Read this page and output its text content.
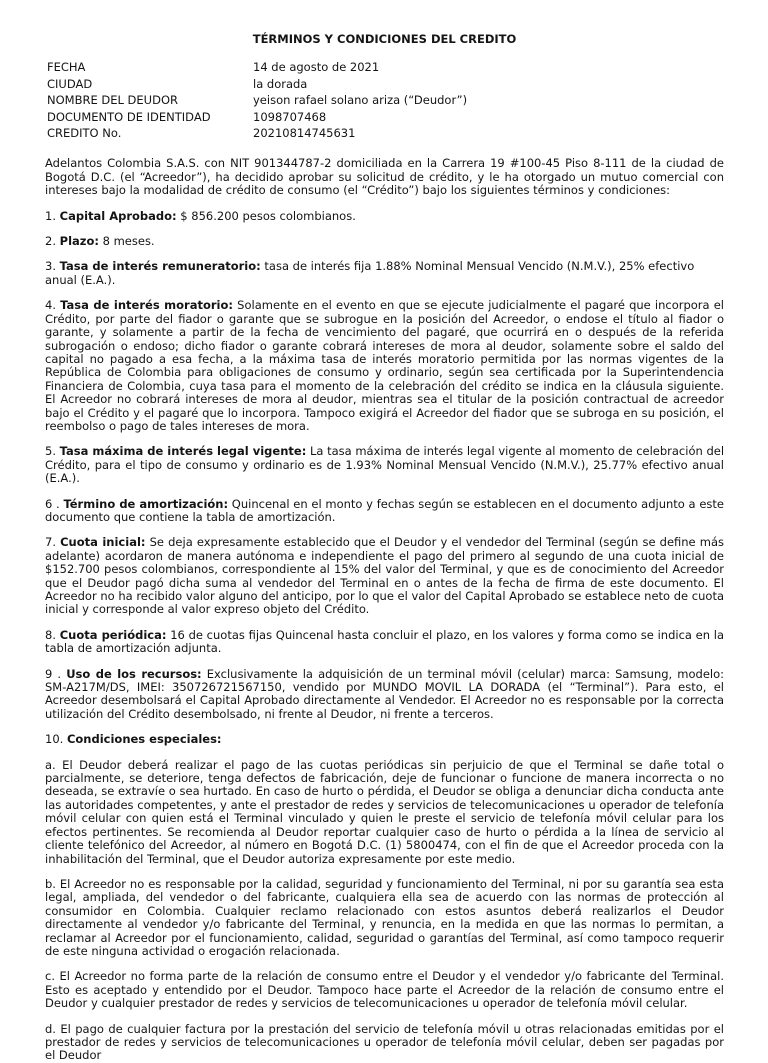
TÉRMINOS Y CONDICIONES DEL CREDITO
FECHA	14 de agosto de 2021
CIUDAD	la dorada
NOMBRE DEL DEUDOR	yeison rafael solano ariza (“Deudor”)
DOCUMENTO DE IDENTIDAD	1098707468
CREDITO No.	20210814745631

Adelantos Colombia S.A.S. con NIT 901344787-2 domiciliada en la Carrera 19 #100-45 Piso 8-111 de la ciudad de Bogotá D.C. (el “Acreedor”), ha decidido aprobar su solicitud de crédito, y le ha otorgado un mutuo comercial con intereses bajo la modalidad de crédito de consumo (el “Crédito”) bajo los siguientes términos y condiciones:

1. Capital Aprobado: $ 856.200 pesos colombianos.

2. Plazo: 8 meses.

3. Tasa de interés remuneratorio: tasa de interés fija 1.88% Nominal Mensual Vencido (N.M.V.), 25% efectivo anual (E.A.).

4. Tasa de interés moratorio: Solamente en el evento en que se ejecute judicialmente el pagaré que incorpora el Crédito, por parte del fiador o garante que se subrogue en la posición del Acreedor, o endose el título al fiador o garante, y solamente a partir de la fecha de vencimiento del pagaré, que ocurrirá en o después de la referida subrogación o endoso; dicho fiador o garante cobrará intereses de mora al deudor, solamente sobre el saldo del capital no pagado a esa fecha, a la máxima tasa de interés moratorio permitida por las normas vigentes de la República de Colombia para obligaciones de consumo y ordinario, según sea certificada por la Superintendencia Financiera de Colombia, cuya tasa para el momento de la celebración del crédito se indica en la cláusula siguiente. El Acreedor no cobrará intereses de mora al deudor, mientras sea el titular de la posición contractual de acreedor bajo el Crédito y el pagaré que lo incorpora. Tampoco exigirá el Acreedor del fiador que se subroga en su posición, el reembolso o pago de tales intereses de mora.

5. Tasa máxima de interés legal vigente: La tasa máxima de interés legal vigente al momento de celebración del Crédito, para el tipo de consumo y ordinario es de 1.93% Nominal Mensual Vencido (N.M.V.), 25.77% efectivo anual (E.A.).

6 . Término de amortización: Quincenal en el monto y fechas según se establecen en el documento adjunto a este documento que contiene la tabla de amortización.

7. Cuota inicial: Se deja expresamente establecido que el Deudor y el vendedor del Terminal (según se define más adelante) acordaron de manera autónoma e independiente el pago del primero al segundo de una cuota inicial de $152.700 pesos colombianos, correspondiente al 15% del valor del Terminal, y que es de conocimiento del Acreedor que el Deudor pagó dicha suma al vendedor del Terminal en o antes de la fecha de firma de este documento. El Acreedor no ha recibido valor alguno del anticipo, por lo que el valor del Capital Aprobado se establece neto de cuota inicial y corresponde al valor expreso objeto del Crédito.

8. Cuota periódica: 16 de cuotas fijas Quincenal hasta concluir el plazo, en los valores y forma como se indica en la tabla de amortización adjunta.

9 . Uso de los recursos: Exclusivamente la adquisición de un terminal móvil (celular) marca: Samsung, modelo: SM-A217M/DS, IMEI: 350726721567150, vendido por MUNDO MOVIL LA DORADA (el “Terminal”). Para esto, el Acreedor desembolsará el Capital Aprobado directamente al Vendedor. El Acreedor no es responsable por la correcta utilización del Crédito desembolsado, ni frente al Deudor, ni frente a terceros.

10. Condiciones especiales:

a. El Deudor deberá realizar el pago de las cuotas periódicas sin perjuicio de que el Terminal se dañe total o parcialmente, se deteriore, tenga defectos de fabricación, deje de funcionar o funcione de manera incorrecta o no deseada, se extravíe o sea hurtado. En caso de hurto o pérdida, el Deudor se obliga a denunciar dicha conducta ante las autoridades competentes, y ante el prestador de redes y servicios de telecomunicaciones u operador de telefonía móvil celular con quien está el Terminal vinculado y quien le preste el servicio de telefonía móvil celular para los efectos pertinentes. Se recomienda al Deudor reportar cualquier caso de hurto o pérdida a la línea de servicio al cliente telefónico del Acreedor, al número en Bogotá D.C. (1) 5800474, con el fin de que el Acreedor proceda con la inhabilitación del Terminal, que el Deudor autoriza expresamente por este medio.

b. El Acreedor no es responsable por la calidad, seguridad y funcionamiento del Terminal, ni por su garantía sea esta legal, ampliada, del vendedor o del fabricante, cualquiera ella sea de acuerdo con las normas de protección al consumidor en Colombia. Cualquier reclamo relacionado con estos asuntos deberá realizarlos el Deudor directamente al vendedor y/o fabricante del Terminal, y renuncia, en la medida en que las normas lo permitan, a reclamar al Acreedor por el funcionamiento, calidad, seguridad o garantías del Terminal, así como tampoco requerir de este ninguna actividad o erogación relacionada.

c. El Acreedor no forma parte de la relación de consumo entre el Deudor y el vendedor y/o fabricante del Terminal. Esto es aceptado y entendido por el Deudor. Tampoco hace parte el Acreedor de la relación de consumo entre el Deudor y cualquier prestador de redes y servicios de telecomunicaciones u operador de telefonía móvil celular.

d. El pago de cualquier factura por la prestación del servicio de telefonía móvil u otras relacionadas emitidas por el prestador de redes y servicios de telecomunicaciones u operador de telefonía móvil celular, deben ser pagadas por el Deudor
